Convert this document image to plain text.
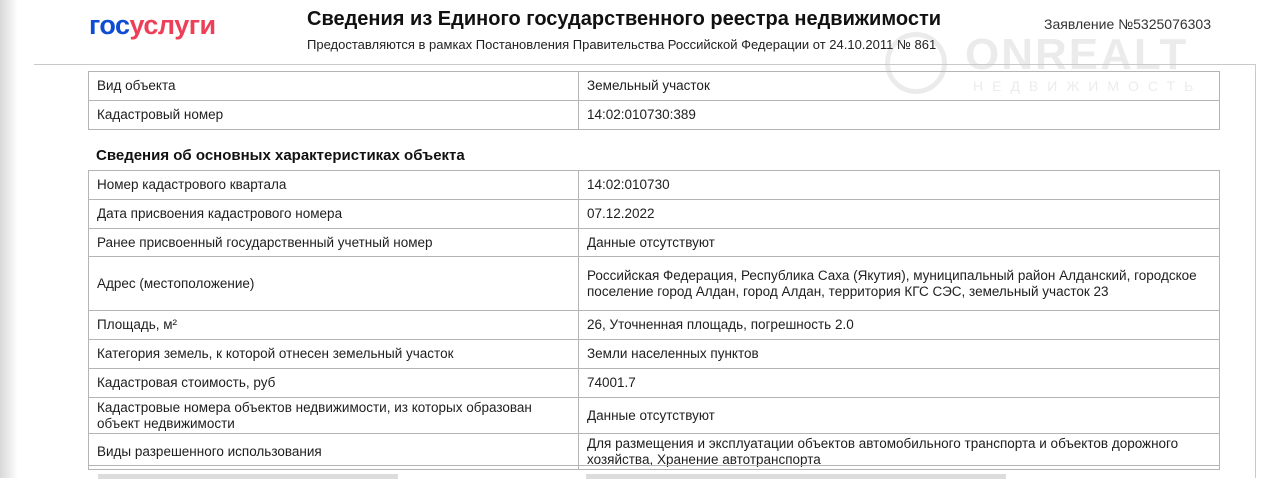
госуслуги	Сведения из Единого государственного реестра недвижимости
Предоставляются в рамках Постановления Правительства Российской Федерации от 24.10.2011 № 861
Заявление №5325076303
ONREALT
НЕДВИЖИМОСТЬ
Вид объекта	Земельный участок
Кадастровый номер	14:02:010730:389
Сведения об основных характеристиках объекта
Номер кадастрового квартала	14:02:010730
Дата присвоения кадастрового номера	07.12.2022
Ранее присвоенный государственный учетный номер	Данные отсутствуют
Адрес (местоположение)	Российская Федерация, Республика Саха (Якутия), муниципальный район Алданский, городское поселение город Алдан, город Алдан, территория КГС СЭС, земельный участок 23
Площадь, м²	26, Уточненная площадь, погрешность 2.0
Категория земель, к которой отнесен земельный участок	Земли населенных пунктов
Кадастровая стоимость, руб	74001.7
Кадастровые номера объектов недвижимости, из которых образован объект недвижимости	Данные отсутствуют
Виды разрешенного использования	Для размещения и эксплуатации объектов автомобильного транспорта и объектов дорожного хозяйства, Хранение автотранспорта
